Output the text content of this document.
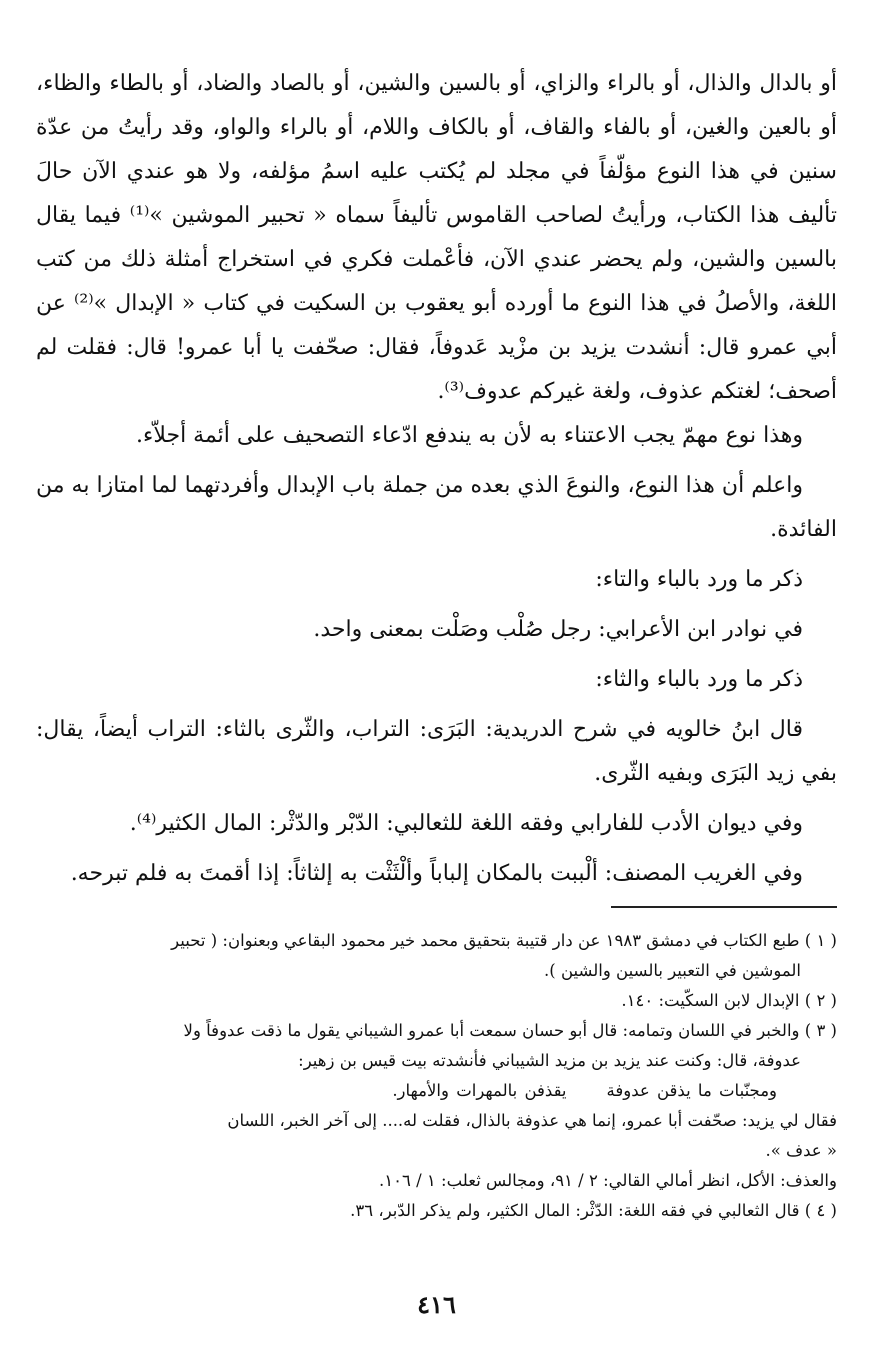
أو بالدال والذال، أو بالراء والزاي، أو بالسين والشين، أو بالصاد والضاد، أو بالطاء والظاء، أو بالعين والغين، أو بالفاء والقاف، أو بالكاف واللام، أو بالراء والواو، وقد رأيتُ من عدّة سنين في هذا النوع مؤلّفاً في مجلد لم يُكتب عليه اسمُ مؤلفه، ولا هو عندي الآن حالَ تأليف هذا الكتاب، ورأيتُ لصاحب القاموس تأليفاً سماه « تحبير الموشين »⁽¹⁾ فيما يقال بالسين والشين، ولم يحضر عندي الآن، فأعْملت فكري في استخراج أمثلة ذلك من كتب اللغة، والأصلُ في هذا النوع ما أورده أبو يعقوب بن السكيت في كتاب « الإبدال »⁽²⁾ عن أبي عمرو قال: أنشدت يزيد بن مزْيد عَدوفاً، فقال: صحّفت يا أبا عمرو! قال: فقلت لم أصحف؛ لغتكم عذوف، ولغة غيركم عدوف⁽³⁾.

وهذا نوع مهمّ يجب الاعتناء به لأن به يندفع ادّعاء التصحيف على أئمة أجلاّء.

واعلم أن هذا النوع، والنوعَ الذي بعده من جملة باب الإبدال وأفردتهما لما امتازا به من الفائدة.

ذكر ما ورد بالباء والتاء:

في نوادر ابن الأعرابي: رجل صُلْب وصَلْت بمعنى واحد.

ذكر ما ورد بالباء والثاء:

قال ابنُ خالويه في شرح الدريدية: البَرَى: التراب، والثّرى بالثاء: التراب أيضاً، يقال: بفي زيد البَرَى وبفيه الثّرى.

وفي ديوان الأدب للفارابي وفقه اللغة للثعالبي: الدّبْر والدّثْر: المال الكثير⁽⁴⁾.

وفي الغريب المصنف: ألْببت بالمكان إلباباً وألْثَثْت به إلثاثاً: إذا أقمتَ به فلم تبرحه.

( ١ ) طبع الكتاب في دمشق ١٩٨٣ عن دار قتيبة بتحقيق محمد خير محمود البقاعي وبعنوان: ( تحبير

الموشين في التعبير بالسين والشين ).

( ٢ ) الإبدال لابن السكّيت: ١٤٠.

( ٣ ) والخبر في اللسان وتمامه: قال أبو حسان سمعت أبا عمرو الشيباني يقول ما ذقت عدوفاً ولا

عدوفة، قال: وكنت عند يزيد بن مزيد الشيباني فأنشدته بيت قيس بن زهير:

ومجنّبات ما يذقن عدوفةيقذفن بالمهرات والأمهار.

فقال لي يزيد: صحّفت أبا عمرو، إنما هي عذوفة بالذال، فقلت له.... إلى آخر الخبر، اللسان

« عدف ».

والعذف: الأكل، انظر أمالي القالي: ٢ / ٩١، ومجالس ثعلب: ١ / ١٠٦.

( ٤ ) قال الثعالبي في فقه اللغة: الدّثْر: المال الكثير، ولم يذكر الدّبر، ٣٦.

٤١٦
